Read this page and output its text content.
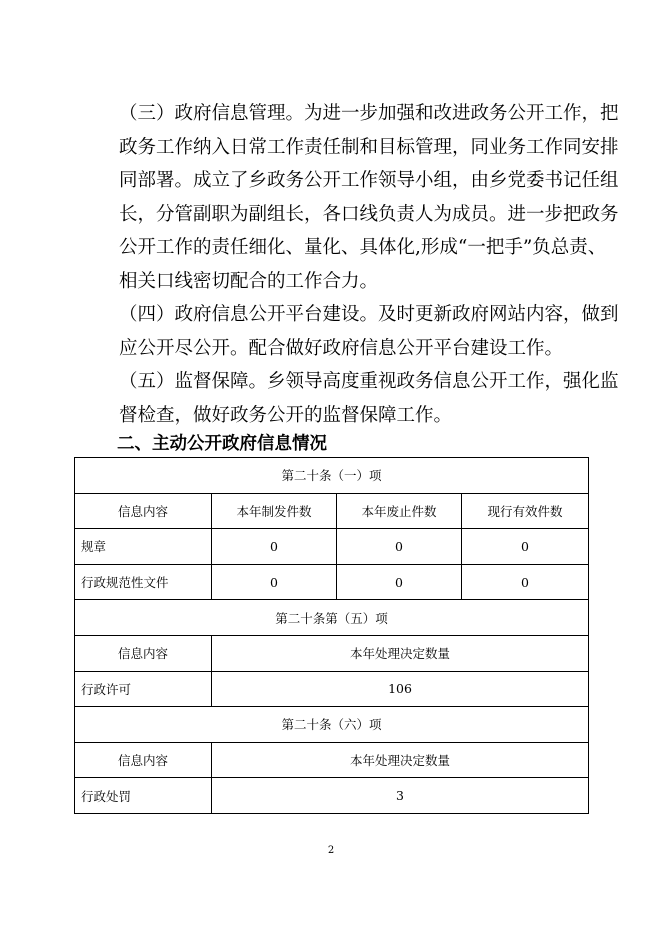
（三）政府信息管理。为进一步加强和改进政务公开工作，把政务工作纳入日常工作责任制和目标管理，同业务工作同安排同部署。成立了乡政务公开工作领导小组，由乡党委书记任组长，分管副职为副组长，各口线负责人为成员。进一步把政务公开工作的责任细化、量化、具体化,形成“一把手”负总责、相关口线密切配合的工作合力。

（四）政府信息公开平台建设。及时更新政府网站内容，做到应公开尽公开。配合做好政府信息公开平台建设工作。

（五）监督保障。乡领导高度重视政务信息公开工作，强化监督检查，做好政务公开的监督保障工作。

二、主动公开政府信息情况
第二十条（一）项			
信息内容	本年制发件数	本年废止件数	现行有效件数
规章	0	0	0
行政规范性文件	0	0	0
第二十条第（五）项			
信息内容	本年处理决定数量		
行政许可	106		
第二十条（六）项			
信息内容	本年处理决定数量		
行政处罚	3		
2
